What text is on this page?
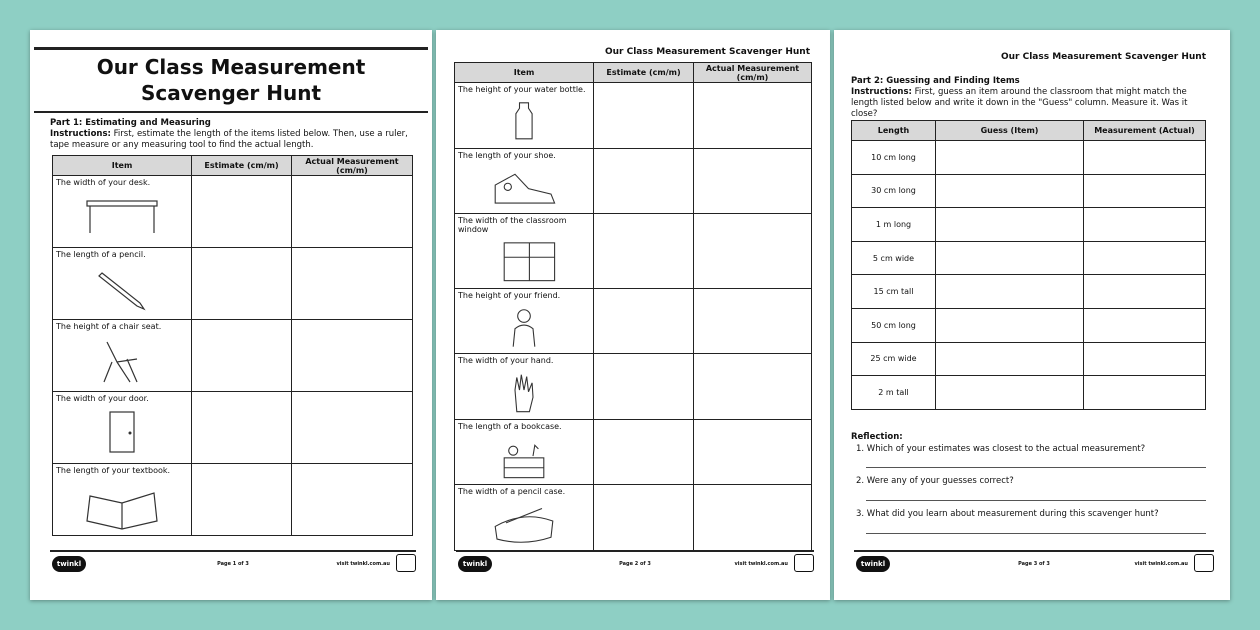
Our Class Measurement
Scavenger Hunt
Part 1: Estimating and Measuring
Instructions: First, estimate the length of the items listed below. Then, use a ruler, tape measure or any measuring tool to find the actual length.
Item	Estimate (cm/m)	Actual Measurement (cm/m)

The width of your desk.		

The length of a pencil.		

The height of a chair seat.		

The width of your door.		

The length of your textbook.		

twinkl	Page 1 of 3	visit twinkl.com.au
Our Class Measurement Scavenger Hunt
Item	Estimate (cm/m)	Actual Measurement (cm/m)

The height of your water bottle.		

The length of your shoe.		

The width of the classroom window		

The height of your friend.		

The width of your hand.		

The length of a bookcase.		

The width of a pencil case.		

twinkl	Page 2 of 3	visit twinkl.com.au
Our Class Measurement Scavenger Hunt
Part 2: Guessing and Finding Items
Instructions: First, guess an item around the classroom that might match the length listed below and write it down in the "Guess" column. Measure it. Was it close?
Length	Guess (Item)	Measurement (Actual)
10 cm long		
30 cm long		
1 m long		
5 cm wide		
15 cm tall		
50 cm long		
25 cm wide		
2 m tall		
Reflection:
1. Which of your estimates was closest to the actual measurement?
2. Were any of your guesses correct?
3. What did you learn about measurement during this scavenger hunt?
twinkl	Page 3 of 3	visit twinkl.com.au
